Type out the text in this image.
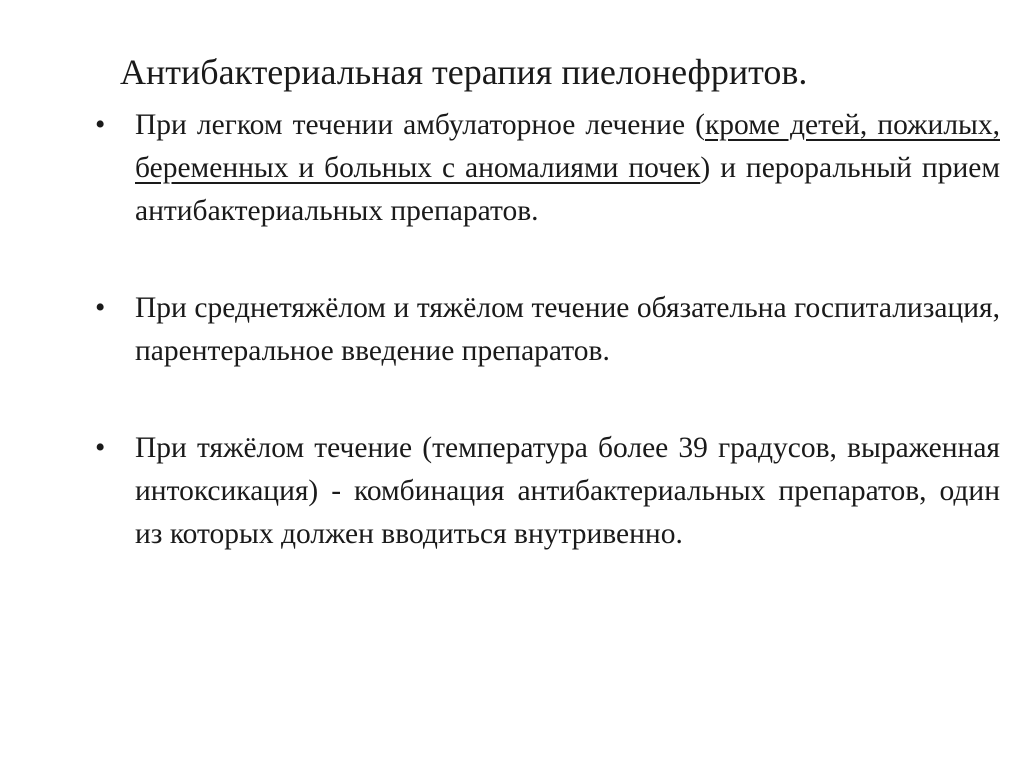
Антибактериальная терапия пиелонефритов.
•	При легком течении амбулаторное лечение (кроме детей, пожилых, беременных и больных с аномалиями почек) и пероральный прием антибактериальных препаратов.
•	При среднетяжёлом и тяжёлом течение обязательна госпитализация, парентеральное введение препаратов.
•	При тяжёлом течение (температура более 39 градусов, выраженная интоксикация) - комбинация антибактериальных препаратов, один из которых должен вводиться внутривенно.
